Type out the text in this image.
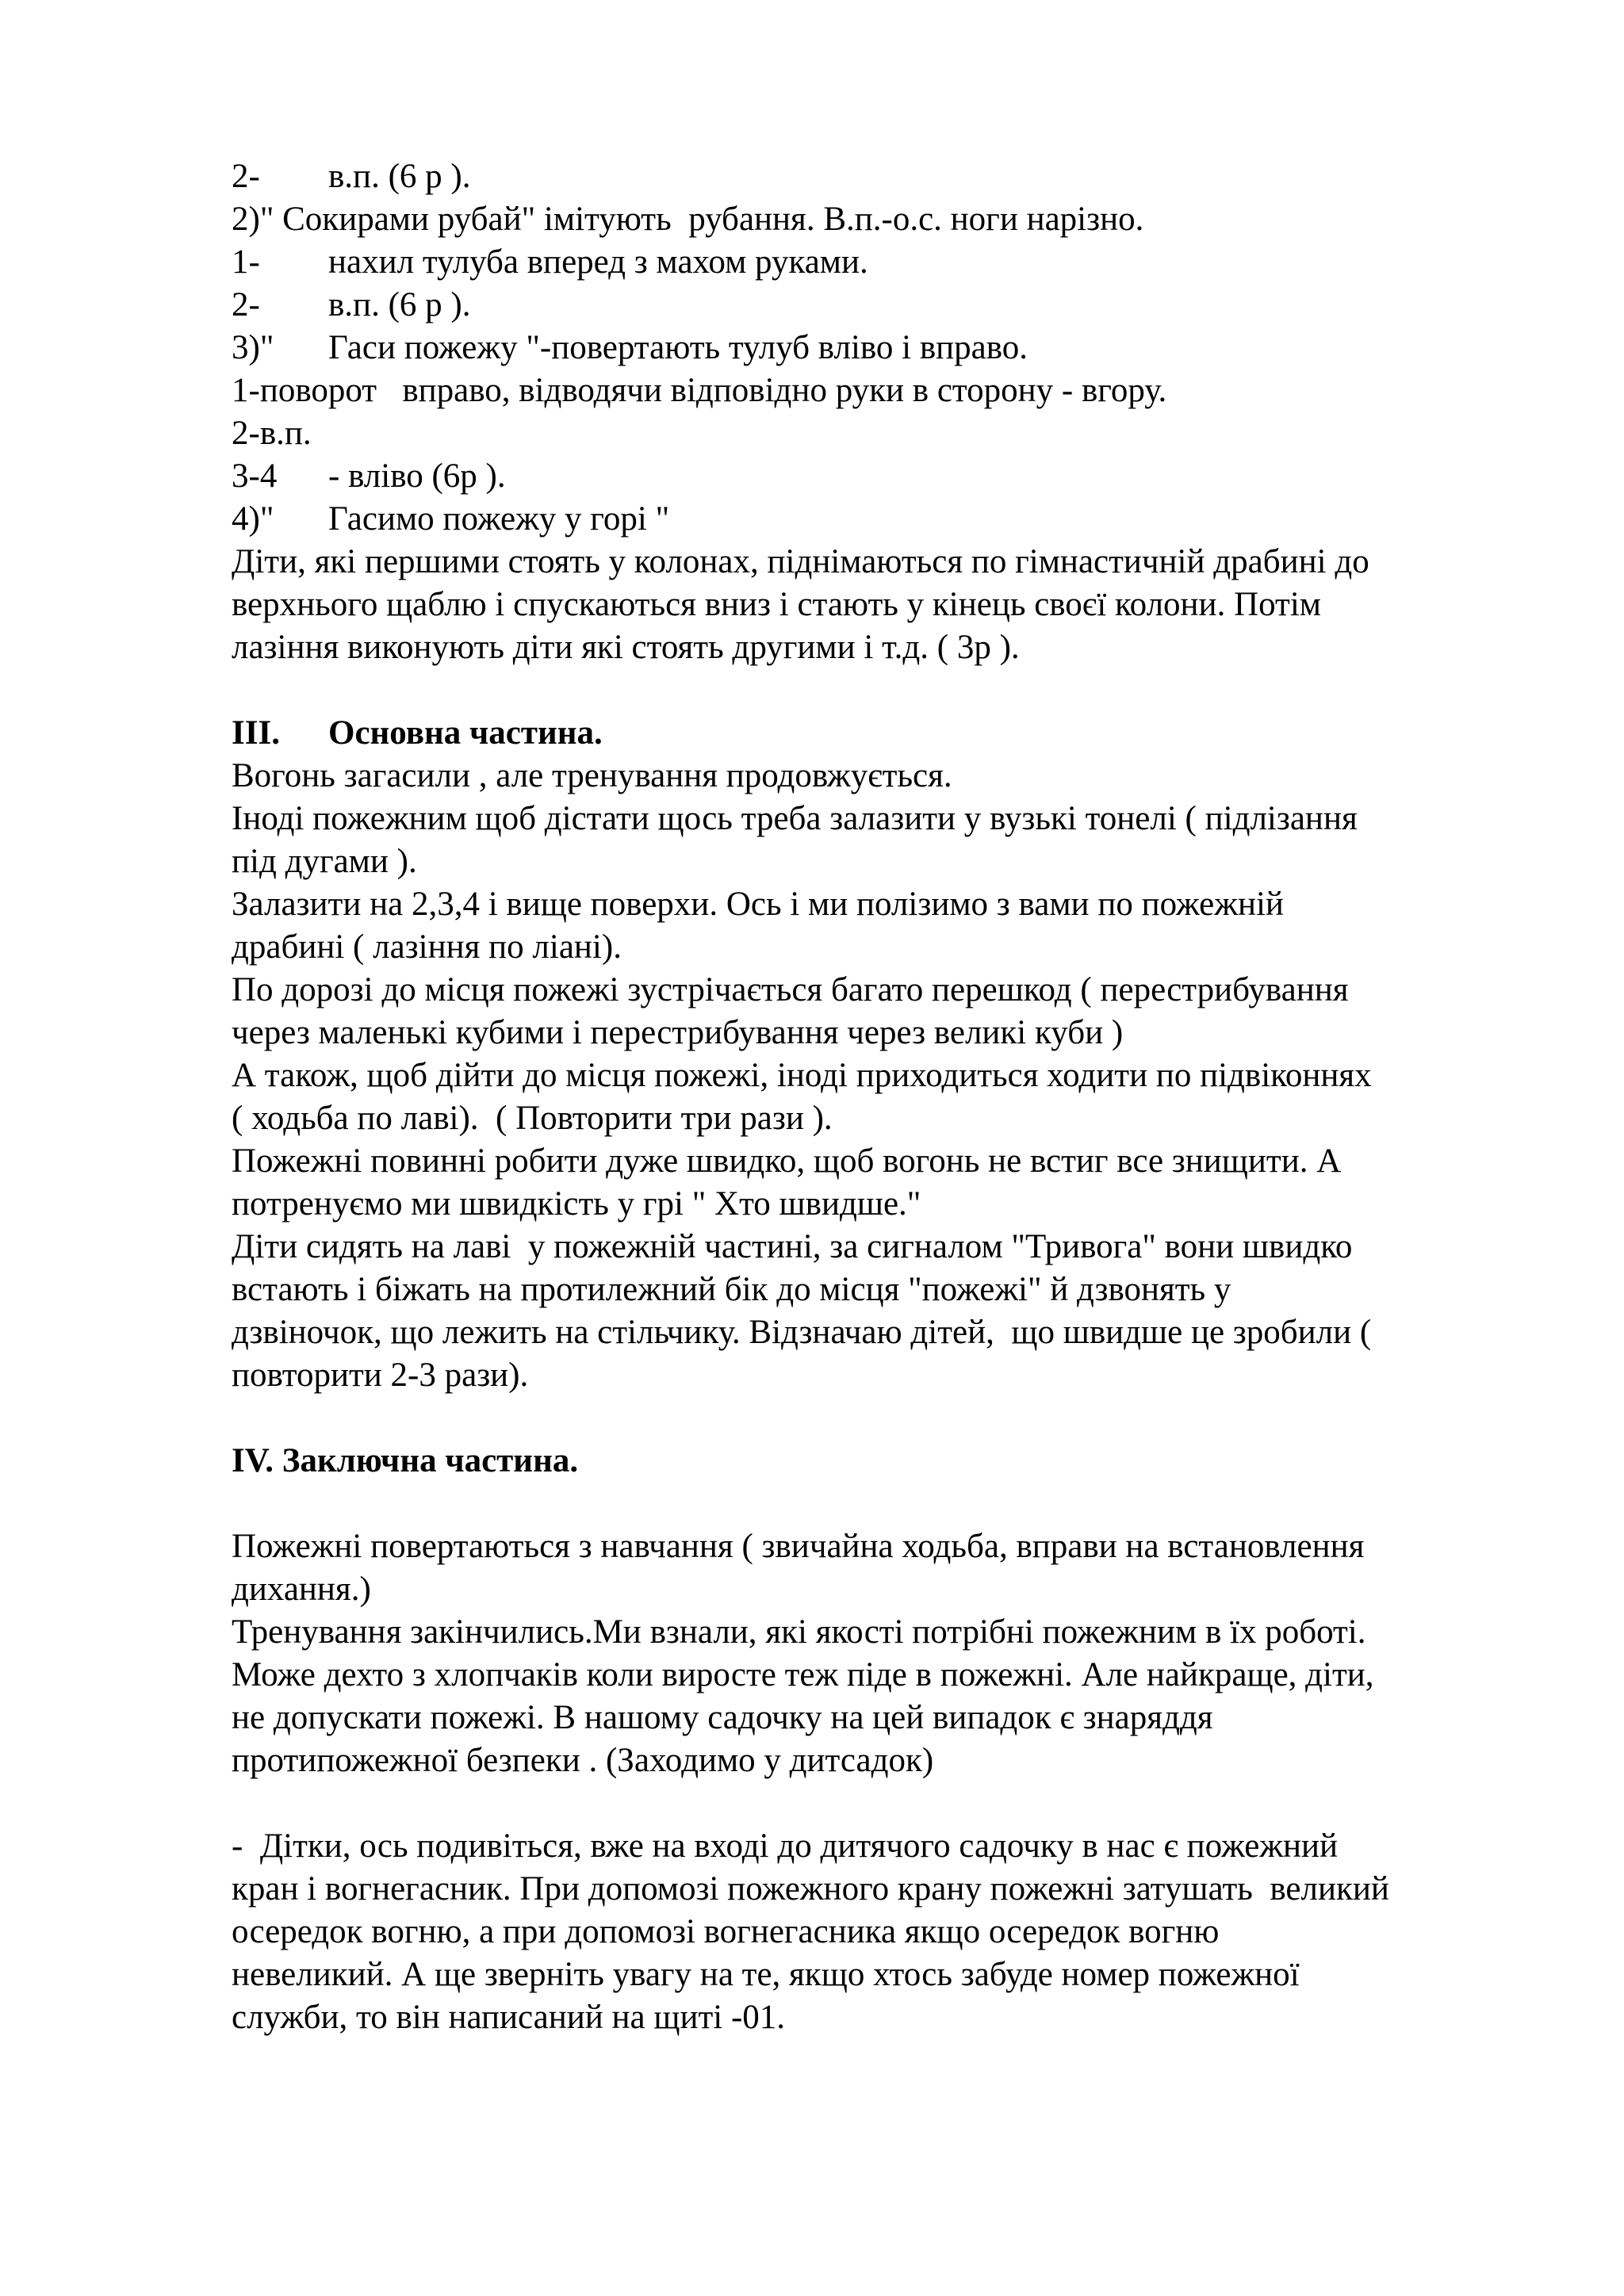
2- в.п. (6 р ).
2)" Сокирами рубай" імітують  рубання. В.п.-о.с. ноги нарізно.
1- нахил тулуба вперед з махом руками.
2- в.п. (6 р ).
3)" Гаси пожежу "-повертають тулуб вліво і вправо.
1-поворот   вправо, відводячи відповідно руки в сторону - вгору.
2-в.п.
3-4 - вліво (6р ).
4)" Гасимо пожежу у горі "
Діти, які першими стоять у колонах, піднімаються по гімнастичній драбині до
верхнього щаблю і спускаються вниз і стають у кінець своєї колони. Потім
лазіння виконують діти які стоять другими і т.д. ( 3р ).
ІІІ. Основна частина.
Вогонь загасили , але тренування продовжується.
Іноді пожежним щоб дістати щось треба залазити у вузькі тонелі ( підлізання
під дугами ).
Залазити на 2,3,4 і вище поверхи. Ось і ми полізимо з вами по пожежній
драбині ( лазіння по ліані).
По дорозі до місця пожежі зустрічається багато перешкод ( перестрибування
через маленькі кубими і перестрибування через великі куби )
А також, щоб дійти до місця пожежі, іноді приходиться ходити по підвіконнях
( ходьба по лаві).  ( Повторити три рази ).
Пожежні повинні робити дуже швидко, щоб вогонь не встиг все знищити. А
потренуємо ми швидкість у грі " Хто швидше."
Діти сидять на лаві  у пожежній частині, за сигналом "Тривога" вони швидко
встають і біжать на протилежний бік до місця "пожежі" й дзвонять у
дзвіночок, що лежить на стільчику. Відзначаю дітей,  що швидше це зробили (
повторити 2-3 рази).
IV. Заключна частина.
Пожежні повертаються з навчання ( звичайна ходьба, вправи на встановлення
дихання.)
Тренування закінчились.Ми взнали, які якості потрібні пожежним в їх роботі.
Може дехто з хлопчаків коли виросте теж піде в пожежні. Але найкраще, діти,
не допускати пожежі. В нашому садочку на цей випадок є знаряддя
протипожежної безпеки . (Заходимо у дитсадок)
-  Дітки, ось подивіться, вже на вході до дитячого садочку в нас є пожежний
кран і вогнегасник. При допомозі пожежного крану пожежні затушать  великий
осередок вогню, а при допомозі вогнегасника якщо осередок вогню
невеликий. А ще зверніть увагу на те, якщо хтось забуде номер пожежної
служби, то він написаний на щиті -01.
